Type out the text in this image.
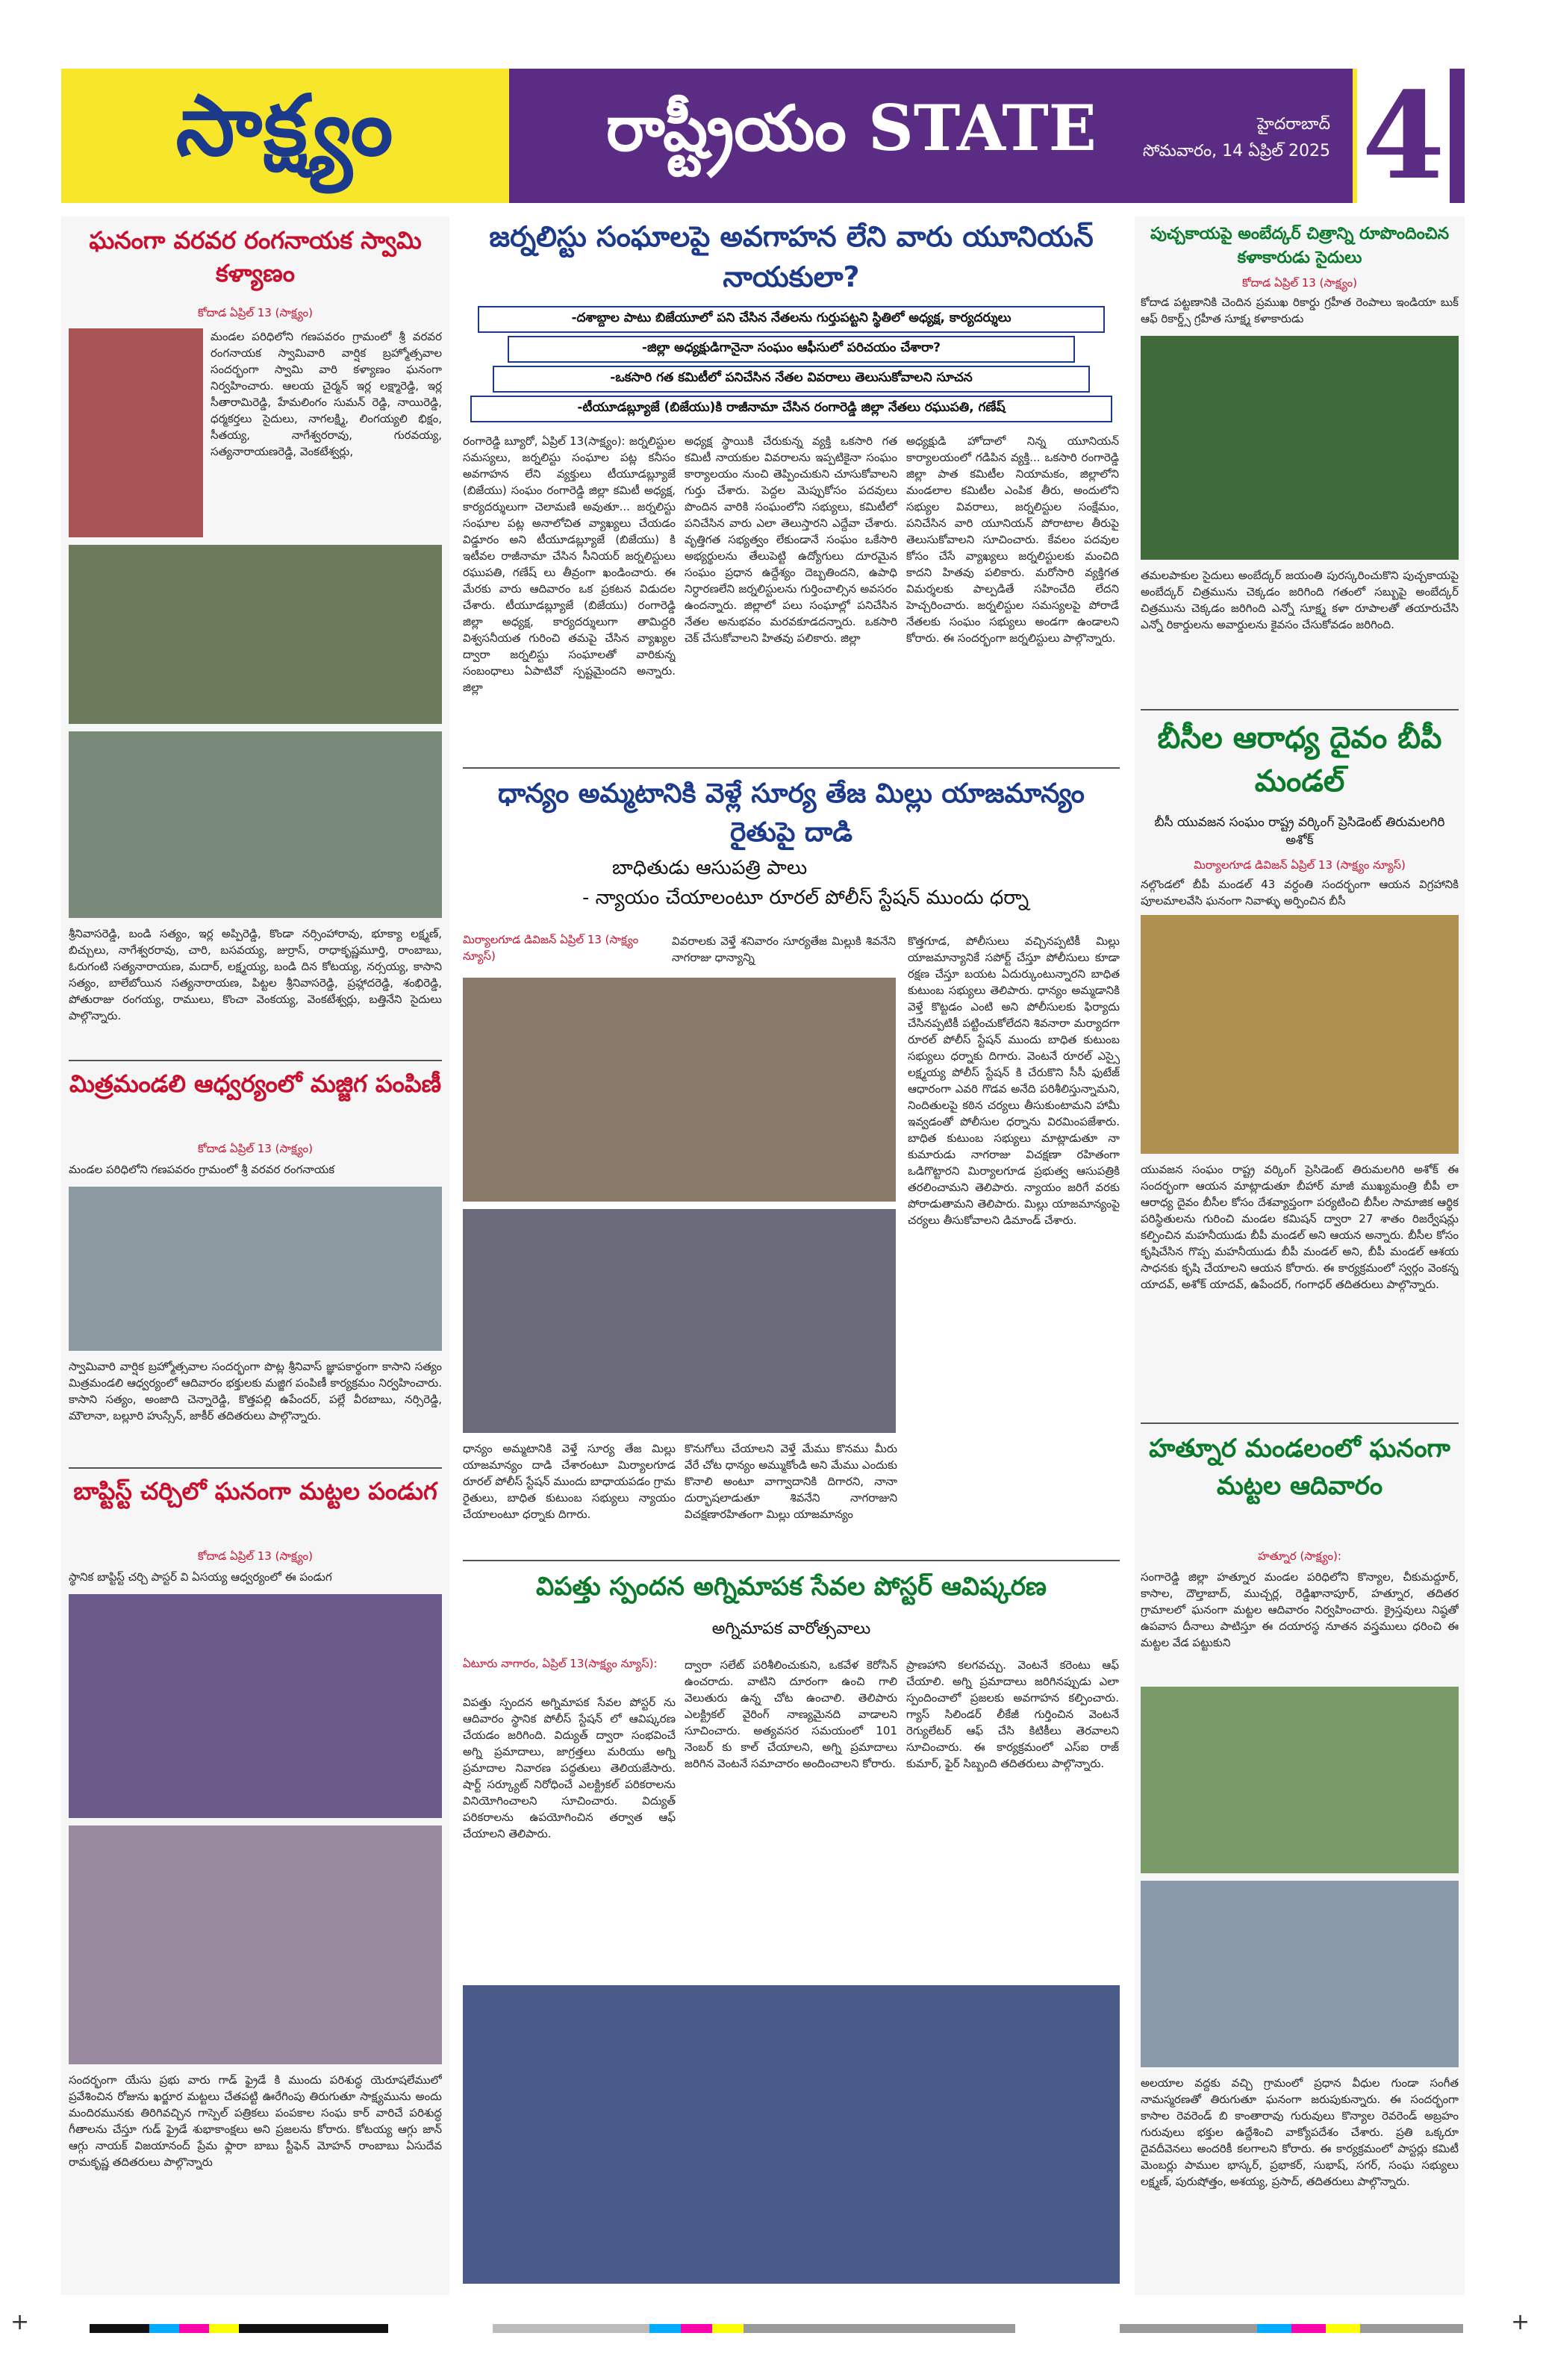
సాక్ష్యం	రాష్ట్రీయం STATE	హైదరాబాద్
సోమవారం, 14 ఏప్రిల్ 2025 4
ఘనంగా వరవర రంగనాయక స్వామి కళ్యాణం
కోదాడ ఏప్రిల్ 13 (సాక్ష్యం)
మండల పరిధిలోని గణపవరం గ్రామంలో శ్రీ వరవర రంగనాయక స్వామివారి వార్షిక బ్రహ్మోత్సవాల సందర్భంగా స్వామి వారి కళ్యాణం ఘనంగా నిర్వహించారు. ఆలయ చైర్మన్ ఇర్ల లక్ష్మారెడ్డి, ఇర్ల సీతారామిరెడ్డి, హేమలింగం సుమన్ రెడ్డి, నాయిరెడ్డి, ధర్మకర్తలు సైదులు, నాగలక్ష్మి, లింగయ్యలి భిక్షం, సీతయ్య, నాగేశ్వరరావు, గురవయ్య, సత్యనారాయణరెడ్డి, వెంకటేశ్వర్లు,
శ్రీనివాసరెడ్డి, బండి సత్యం, ఇర్ల అప్పిరెడ్డి, కొండా నర్సింహారావు, భూక్యా లక్ష్మణ్, బిచ్చులు, నాగేశ్వరరావు, చారి, బసవయ్య, జుర్రాస్, రాధాకృష్ణమూర్తి, రాంబాబు, ఓరుగంటి సత్యనారాయణ, మదార్, లక్ష్మయ్య, బండి దిన కోటయ్య, నర్సయ్య, కాసాని సత్యం, బాలేబోయిన సత్యనారాయణ, పిట్టల శ్రీనివాసరెడ్డి, ప్రహ్లాదరెడ్డి, శంభిరెడ్డి, పోతురాజు రంగయ్య, రాములు, కొంచా వెంకయ్య, వెంకటేశ్వర్లు, బత్తినేని సైదులు పాల్గొన్నారు.
మిత్రమండలి ఆధ్వర్యంలో మజ్జిగ పంపిణీ
కోదాడ ఏప్రిల్ 13 (సాక్ష్యం)
మండల పరిధిలోని గణపవరం గ్రామంలో శ్రీ వరవర రంగనాయక
స్వామివారి వార్షిక బ్రహ్మోత్సవాల సందర్భంగా పొట్ల శ్రీనివాస్ జ్ఞాపకార్థంగా కాసాని సత్యం మిత్రమండలి ఆధ్వర్యంలో ఆదివారం భక్తులకు మజ్జిగ పంపిణీ కార్యక్రమం నిర్వహించారు. కాసాని సత్యం, అంజాది చెన్నారెడ్డి, కొత్తపల్లి ఉపేందర్, పల్లే వీరబాబు, నర్సిరెడ్డి, మౌలానా, బల్లూరి హుస్సేన్, జాకీర్ తదితరులు పాల్గొన్నారు.
బాప్టిస్ట్ చర్చిలో ఘనంగా మట్టల పండుగ
కోదాడ ఏప్రిల్ 13 (సాక్ష్యం)
స్థానిక బాప్టిస్ట్ చర్చి పాస్టర్ వి ఏసయ్య ఆధ్వర్యంలో ఈ పండుగ
సందర్భంగా యేసు ప్రభు వారు గాడ్ ఫ్రైడే కి ముందు పరిశుద్ధ యెరూషలేములో ప్రవేశించిన రోజును ఖర్జూర మట్టలు చేతపట్టి ఊరేగింపు తిరుగుతూ సాక్ష్యమును అందు మందిరమునకు తిరిగివచ్చిన గాస్పెల్ పత్రికలు పంపకాల సంఘ కార్ వారిచే పరిశుద్ధ గీతాలను చేస్తూ గుడ్ ఫ్రైడే శుభాకాంక్షలు అని ప్రజలను కోరారు. కోటయ్య ఆగ్గు జాన్ ఆగ్గు నాయక్ విజయానంద్ ప్రేమ ఫ్లారా బాబు స్టీఫెన్ మోహన్ రాంబాబు ఏసుదేవ రామకృష్ణ తదితరులు పాల్గొన్నారు
జర్నలిస్టు సంఘాలపై అవగాహన లేని వారు యూనియన్ నాయకులా?
-దశాబ్దాల పాటు బిజేయూలో పని చేసిన నేతలను గుర్తుపట్టని స్థితిలో అధ్యక్ష, కార్యదర్శులు
-జిల్లా అధ్యక్షుడిగానైనా సంఘం ఆఫీసులో పరిచయం చేశారా?
-ఒకసారి గత కమిటీలో పనిచేసిన నేతల వివరాలు తెలుసుకోవాలని సూచన
-టీయూడబ్ల్యూజే (బిజేయు)కి రాజీనామా చేసిన రంగారెడ్డి జిల్లా నేతలు రఘుపతి, గణేష్
రంగారెడ్డి బ్యూరో, ఏప్రిల్ 13(సాక్ష్యం): జర్నలిస్టుల సమస్యలు, జర్నలిస్టు సంఘాల పట్ల కనీసం అవగాహన లేని వ్యక్తులు టీయూడబ్ల్యూజే (బిజేయు) సంఘం రంగారెడ్డి జిల్లా కమిటీ అధ్యక్ష, కార్యదర్శులుగా చెలామణి అవుతూ... జర్నలిస్టు సంఘాల పట్ల అనాలోచిత వ్యాఖ్యలు చేయడం విడ్డూరం అని టీయూడబ్ల్యూజే (బిజేయు) కి ఇటీవల రాజీనామా చేసిన సీనియర్ జర్నలిస్టులు రఘుపతి, గణేష్ లు తీవ్రంగా ఖండించారు. ఈ మేరకు వారు ఆదివారం ఒక ప్రకటన విడుదల చేశారు. టీయూడబ్ల్యూజే (బిజేయు) రంగారెడ్డి జిల్లా అధ్యక్ష, కార్యదర్శులుగా తామిద్దరి విశ్వసనీయత గురించి తమపై చేసిన వ్యాఖ్యల ద్వారా జర్నలిస్టు సంఘాలతో వారికున్న సంబంధాలు ఏపాటివో స్పష్టమైందని అన్నారు. జిల్లా
అధ్యక్ష స్థాయికి చేరుకున్న వ్యక్తి ఒకసారి గత కమిటీ నాయకుల వివరాలను ఇప్పటికైనా సంఘం కార్యాలయం నుంచి తెప్పించుకుని చూసుకోవాలని గుర్తు చేశారు. పెద్దల మెప్పుకోసం పదవులు పొందిన వారికి సంఘంలోని సభ్యులు, కమిటీలో పనిచేసిన వారు ఎలా తెలుస్తారని ఎద్దేవా చేశారు. వృత్తిగత సభ్యత్వం లేకుండానే సంఘం ఒకేసారి అభ్యర్థులను తేలుపెట్టి ఉద్యోగులు దూరమైన సంఘం ప్రధాన ఉద్దేశ్యం దెబ్బతిందని, ఉపాధి నిర్ధారణలేని జర్నలిస్టులను గుర్తించాల్సిన అవసరం ఉందన్నారు. జిల్లాలో పలు సంఘాల్లో పనిచేసిన నేతల అనుభవం మరవకూడదన్నారు. ఒకసారి చెక్ చేసుకోవాలని హితవు పలికారు. జిల్లా
అధ్యక్షుడి హోదాలో నిన్న యూనియన్ కార్యాలయంలో గడిపిన వ్యక్తి... ఒకసారి రంగారెడ్డి జిల్లా పాత కమిటీల నియామకం, జిల్లాలోని మండలాల కమిటీల ఎంపిక తీరు, అందులోని సభ్యుల వివరాలు, జర్నలిస్టుల సంక్షేమం, పనిచేసిన వారి యూనియన్ పోరాటాల తీరుపై తెలుసుకోవాలని సూచించారు. కేవలం పదవుల కోసం చేసే వ్యాఖ్యలు జర్నలిస్టులకు మంచిది కాదని హితవు పలికారు. మరోసారి వ్యక్తిగత విమర్శలకు పాల్పడితే సహించేది లేదని హెచ్చరించారు. జర్నలిస్టుల సమస్యలపై పోరాడే నేతలకు సంఘం సభ్యులు అండగా ఉండాలని కోరారు. ఈ సందర్భంగా జర్నలిస్టులు పాల్గొన్నారు.
ధాన్యం అమ్మటానికి వెళ్లే సూర్య తేజ మిల్లు యాజమాన్యం రైతుపై దాడి
బాధితుడు ఆసుపత్రి పాలు
- న్యాయం చేయాలంటూ రూరల్ పోలీస్ స్టేషన్ ముందు ధర్నా
మిర్యాలగూడ డివిజన్ ఏప్రిల్ 13 (సాక్ష్యం న్యూస్)
వివరాలకు వెళ్తే శనివారం సూర్యతేజ మిల్లుకి శివనేని నాగరాజు ధాన్యాన్ని
కొత్తగూడ, పోలీసులు వచ్చినప్పటికీ మిల్లు యాజమాన్యానికే సపోర్ట్ చేస్తూ పోలీసులు కూడా రక్షణ చేస్తూ బయట ఏదుర్కుంటున్నారని బాధిత కుటుంబ సభ్యులు తెలిపారు. ధాన్యం అమ్మడానికి వెళ్తే కొట్టడం ఎంటి అని పోలీసులకు ఫిర్యాదు చేసినప్పటికీ పట్టించుకోలేదని శివనారా మర్యాదగా రూరల్ పోలీస్ స్టేషన్ ముందు బాధిత కుటుంబ సభ్యులు ధర్నాకు దిగారు. వెంటనే రూరల్ ఎస్సై లక్ష్మయ్య పోలీస్ స్టేషన్ కి చేరుకొని సీసీ ఫుటేజ్ ఆధారంగా ఎవరి గొడవ అనేది పరిశీలిస్తున్నామని, నిందితులపై కఠిన చర్యలు తీసుకుంటామని హామీ ఇవ్వడంతో పోలీసుల ధర్నాను విరమింపజేశారు. బాధిత కుటుంబ సభ్యులు మాట్లాడుతూ నా కుమారుడు నాగరాజు విచక్షణా రహితంగా ఒడిగొట్టారని మిర్యాలగూడ ప్రభుత్వ ఆసుపత్రికి తరలించామని తెలిపారు. న్యాయం జరిగే వరకు పోరాడుతామని తెలిపారు. మిల్లు యాజమాన్యంపై చర్యలు తీసుకోవాలని డిమాండ్ చేశారు.
ధాన్యం అమ్మటానికి వెళ్తే సూర్య తేజ మిల్లు యాజమాన్యం దాడి చేశారంటూ మిర్యాలగూడ రూరల్ పోలీస్ స్టేషన్ ముందు బాధాయపడం గ్రామ రైతులు, బాధిత కుటుంబ సభ్యులు న్యాయం చేయాలంటూ ధర్నాకు దిగారు.
కొనుగోలు చేయాలని వెళ్తే మేము కొనము మీరు వేరే చోట ధాన్యం అమ్ముకోండి అని మేము ఎందుకు కొనాలి అంటూ వాగ్వాదానికి దిగారని, నానా దుర్భాషలాడుతూ శివనేని నాగరాజుని విచక్షణారహితంగా మిల్లు యాజమాన్యం
విపత్తు స్పందన అగ్నిమాపక సేవల పోస్టర్ ఆవిష్కరణ
అగ్నిమాపక వారోత్సవాలు
ఏటూరు నాగారం, ఏప్రిల్ 13(సాక్ష్యం న్యూస్):
విపత్తు స్పందన అగ్నిమాపక సేవల పోస్టర్ ను ఆదివారం స్థానిక పోలీస్ స్టేషన్ లో ఆవిష్కరణ చేయడం జరిగింది. విద్యుత్ ద్వారా సంభవించే అగ్ని ప్రమాదాలు, జాగ్రత్తలు మరియు అగ్ని ప్రమాదాల నివారణ పద్ధతులు తెలియజేసారు. షార్ట్ సర్క్యూట్ నిరోధించే ఎలక్ట్రికల్ పరికరాలను వినియోగించాలని సూచించారు. విద్యుత్ పరికరాలను ఉపయోగించిన తర్వాత ఆఫ్ చేయాలని తెలిపారు.
ద్వారా సలేట్ పరిశీలించుకుని, ఒకవేళ కెరోసిన్ ఉంచరాదు. వాటిని దూరంగా ఉంచి గాలి వెలుతురు ఉన్న చోట ఉంచాలి. తెలిపారు ఎలక్ట్రికల్ వైరింగ్ నాణ్యమైనది వాడాలని సూచించారు. అత్యవసర సమయంలో 101 నెంబర్ కు కాల్ చేయాలని, అగ్ని ప్రమాదాలు జరిగిన వెంటనే సమాచారం అందించాలని కోరారు.
ప్రాణహాని కలగవచ్చు. వెంటనే కరెంటు ఆఫ్ చేయాలి. అగ్ని ప్రమాదాలు జరిగినప్పుడు ఎలా స్పందించాలో ప్రజలకు అవగాహన కల్పించారు. గ్యాస్ సిలిండర్ లీకేజీ గుర్తించిన వెంటనే రెగ్యులేటర్ ఆఫ్ చేసి కిటికీలు తెరవాలని సూచించారు. ఈ కార్యక్రమంలో ఎస్ఐ రాజ్ కుమార్, ఫైర్ సిబ్బంది తదితరులు పాల్గొన్నారు.
పుచ్చకాయపై అంబేద్కర్ చిత్రాన్ని రూపొందించిన కళాకారుడు సైదులు
కోదాడ ఏప్రిల్ 13 (సాక్ష్యం)
కోదాడ పట్టణానికి చెందిన ప్రముఖ రికార్డు గ్రహీత రెంపాలు ఇండియా బుక్ ఆఫ్ రికార్డ్స్ గ్రహీత సూక్ష్మ కళాకారుడు
తమలపాకుల సైదులు అంబేద్కర్ జయంతి పురస్కరించుకొని పుచ్చకాయపై అంబేద్కర్ చిత్రమును చెక్కడం జరిగింది గతంలో సబ్బుపై అంబేద్కర్ చిత్రమును చెక్కడం జరిగింది ఎన్నో సూక్ష్మ కళా రూపాలతో తయారుచేసి ఎన్నో రికార్డులను అవార్డులను కైవసం చేసుకోవడం జరిగింది.
బీసీల ఆరాధ్య దైవం బీపీ మండల్
బీసీ యువజన సంఘం రాష్ట్ర వర్కింగ్ ప్రెసిడెంట్ తిరుమలగిరి అశోక్
మిర్యాలగూడ డివిజన్ ఏప్రిల్ 13 (సాక్ష్యం న్యూస్)
నల్గొండలో బీపీ మండల్ 43 వర్ధంతి సందర్భంగా ఆయన విగ్రహానికి పూలమాలవేసి ఘనంగా నివాళ్ళు అర్పించిన బీసీ
యువజన సంఘం రాష్ట్ర వర్కింగ్ ప్రెసిడెంట్ తిరుమలగిరి అశోక్ ఈ సందర్భంగా ఆయన మాట్లాడుతూ బీహార్ మాజీ ముఖ్యమంత్రి బీపీ లా ఆరాధ్య దైవం బీసీల కోసం దేశవ్యాప్తంగా పర్యటించి బీసీల సామాజిక ఆర్థిక పరిస్థితులను గురించి మండల కమిషన్ ద్వారా 27 శాతం రిజర్వేషన్లు కల్పించిన మహనీయుడు బీపీ మండల్ అని ఆయన అన్నారు. బీసీల కోసం కృషిచేసిన గొప్ప మహనీయుడు బీపీ మండల్ అని, బీపీ మండల్ ఆశయ సాధనకు కృషి చేయాలని ఆయన కోరారు. ఈ కార్యక్రమంలో స్వర్గం వెంకన్న యాదవ్, అశోక్ యాదవ్, ఉపేందర్, గంగాధర్ తదితరులు పాల్గొన్నారు.
హత్నూర మండలంలో ఘనంగా మట్టల ఆదివారం
హత్నూర (సాక్ష్యం):
సంగారెడ్డి జిల్లా హత్నూర మండల పరిధిలోని కొన్యాల, చీకుమద్దూర్, కాసాల, దౌల్తాబాద్, ముచ్చర్ల, రెడ్డిఖానాపూర్, హత్నూర, తదితర గ్రామాలలో ఘనంగా మట్టల ఆదివారం నిర్వహించారు. క్రైస్తవులు నిష్ఠతో ఉపవాస దీనాలు పాటిస్తూ ఈ దయారస్థ నూతన వస్త్రములు ధరించి ఈ మట్టల వేడ పట్టుకుని
అలయాల వద్దకు వచ్చి గ్రామంలో ప్రధాన వీధుల గుండా సంగీత నామస్మరణతో తిరుగుతూ ఘనంగా జరుపుకున్నారు. ఈ సందర్భంగా కాసాల రెవరెండ్ బి కాంతారావు గురువులు కొన్యాల రెవరెండ్ అబ్రహం గురువులు భక్తుల ఉద్దేశించి వాక్యోపదేశం చేశారు. ప్రతి ఒక్కరూ దైవదీవెనలు అందరికీ కలగాలని కోరారు. ఈ కార్యక్రమంలో పాస్టర్లు కమిటీ మెంబర్లు పాముల భాస్కర్, ప్రభాకర్, సుభాష్, సగర్, సంఘ సభ్యులు లక్ష్మణ్, పురుషోత్తం, అశయ్య, ప్రసాద్, తదితరులు పాల్గొన్నారు.
+	+
